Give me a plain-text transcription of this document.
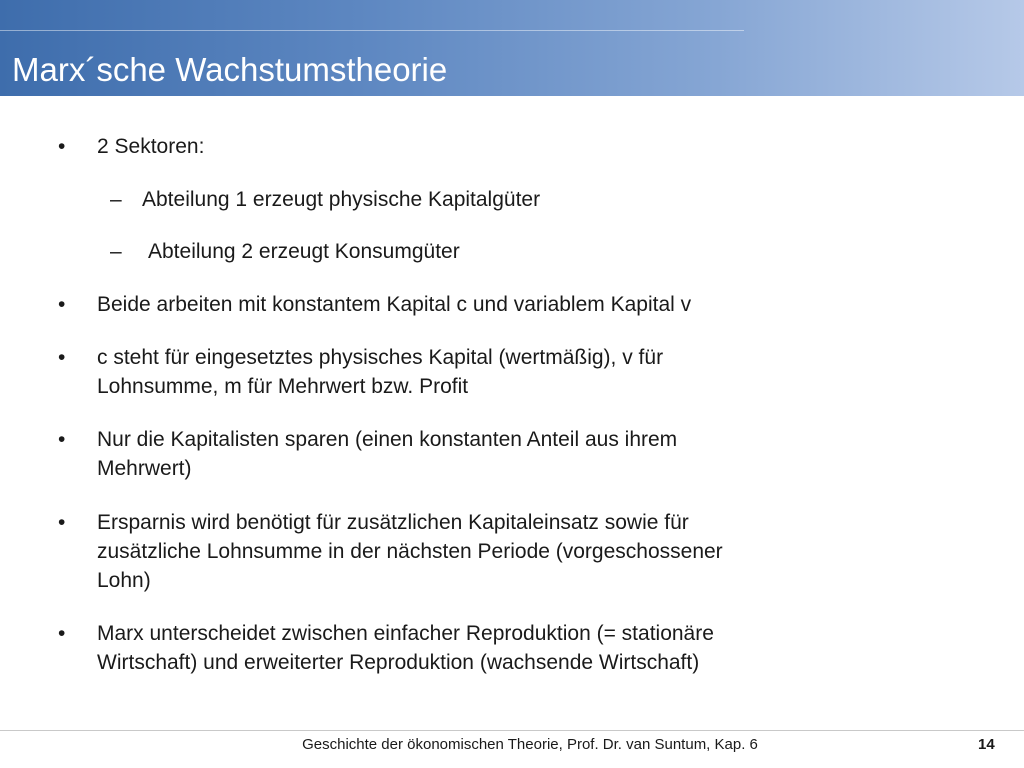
Marx´sche Wachstumstheorie
• 2 Sektoren:
– Abteilung 1 erzeugt physische Kapitalgüter
– Abteilung 2 erzeugt Konsumgüter
• Beide arbeiten mit konstantem Kapital c und variablem Kapital v
• c steht für eingesetztes physisches Kapital (wertmäßig), v für
Lohnsumme, m für Mehrwert bzw. Profit
• Nur die Kapitalisten sparen (einen konstanten Anteil aus ihrem
Mehrwert)
• Ersparnis wird benötigt für zusätzlichen Kapitaleinsatz sowie für
zusätzliche Lohnsumme in der nächsten Periode (vorgeschossener
Lohn)
• Marx unterscheidet zwischen einfacher Reproduktion (= stationäre
Wirtschaft) und erweiterter Reproduktion (wachsende Wirtschaft)
Geschichte der ökonomischen Theorie, Prof. Dr. van Suntum, Kap. 6	14
